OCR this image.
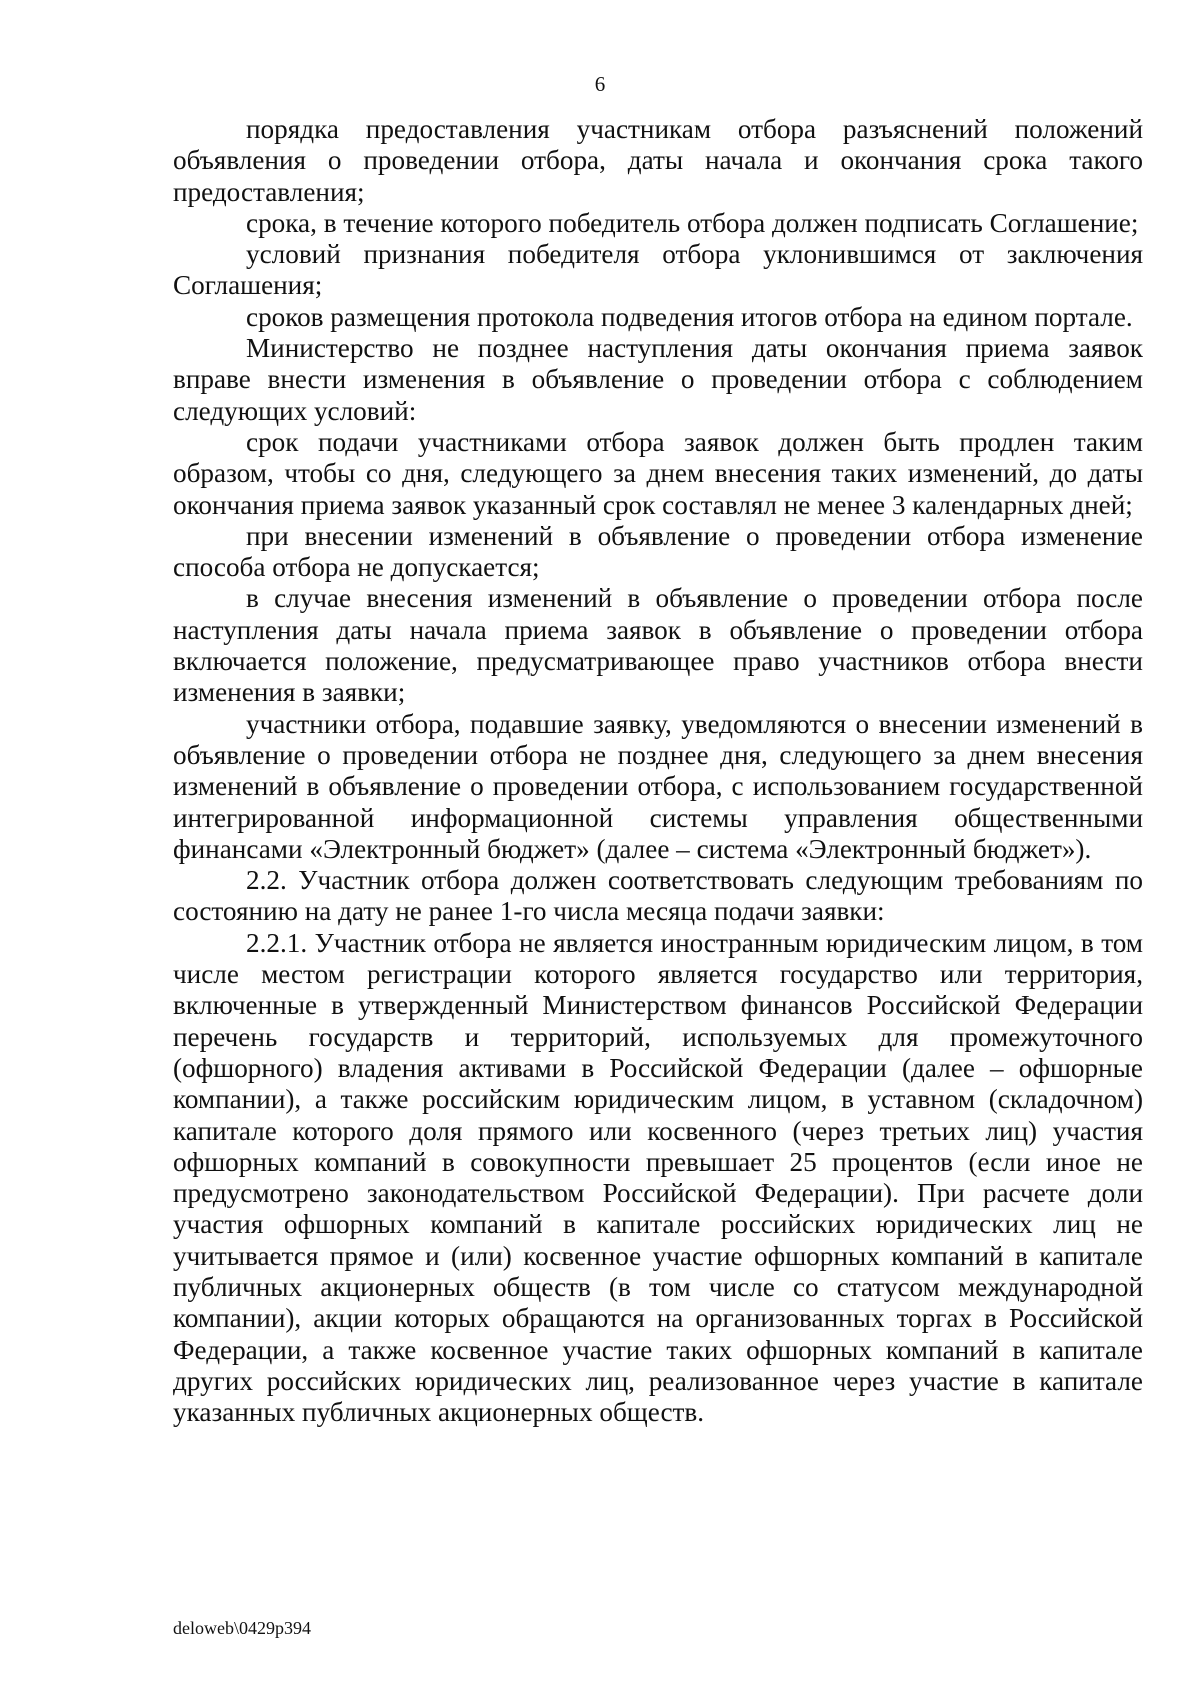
6

порядка предоставления участникам отбора разъяснений положений объявления о проведении отбора, даты начала и окончания срока такого предоставления;

срока, в течение которого победитель отбора должен подписать Соглашение;

условий признания победителя отбора уклонившимся от заключения Соглашения;

сроков размещения протокола подведения итогов отбора на едином портале.

Министерство не позднее наступления даты окончания приема заявок вправе внести изменения в объявление о проведении отбора с соблюдением следующих условий:

срок подачи участниками отбора заявок должен быть продлен таким образом, чтобы со дня, следующего за днем внесения таких изменений, до даты окончания приема заявок указанный срок составлял не менее 3 календарных дней;

при внесении изменений в объявление о проведении отбора изменение способа отбора не допускается;

в случае внесения изменений в объявление о проведении отбора после наступления даты начала приема заявок в объявление о проведении отбора включается положение, предусматривающее право участников отбора внести изменения в заявки;

участники отбора, подавшие заявку, уведомляются о внесении изменений в объявление о проведении отбора не позднее дня, следующего за днем внесения изменений в объявление о проведении отбора, с использованием государственной интегрированной информационной системы управления общественными финансами «Электронный бюджет» (далее – система «Электронный бюджет»).

2.2. Участник отбора должен соответствовать следующим требованиям по состоянию на дату не ранее 1-го числа месяца подачи заявки:

2.2.1. Участник отбора не является иностранным юридическим лицом, в том числе местом регистрации которого является государство или территория, включенные в утвержденный Министерством финансов Российской Федерации перечень государств и территорий, используемых для промежуточного (офшорного) владения активами в Российской Федерации (далее – офшорные компании), а также российским юридическим лицом, в уставном (складочном) капитале которого доля прямого или косвенного (через третьих лиц) участия офшорных компаний в совокупности превышает 25 процентов (если иное не предусмотрено законодательством Российской Федерации). При расчете доли участия офшорных компаний в капитале российских юридических лиц не учитывается прямое и (или) косвенное участие офшорных компаний в капитале публичных акционерных обществ (в том числе со статусом международной компании), акции которых обращаются на организованных торгах в Российской Федерации, а также косвенное участие таких офшорных компаний в капитале других российских юридических лиц, реализованное через участие в капитале указанных публичных акционерных обществ.

deloweb\0429p394
